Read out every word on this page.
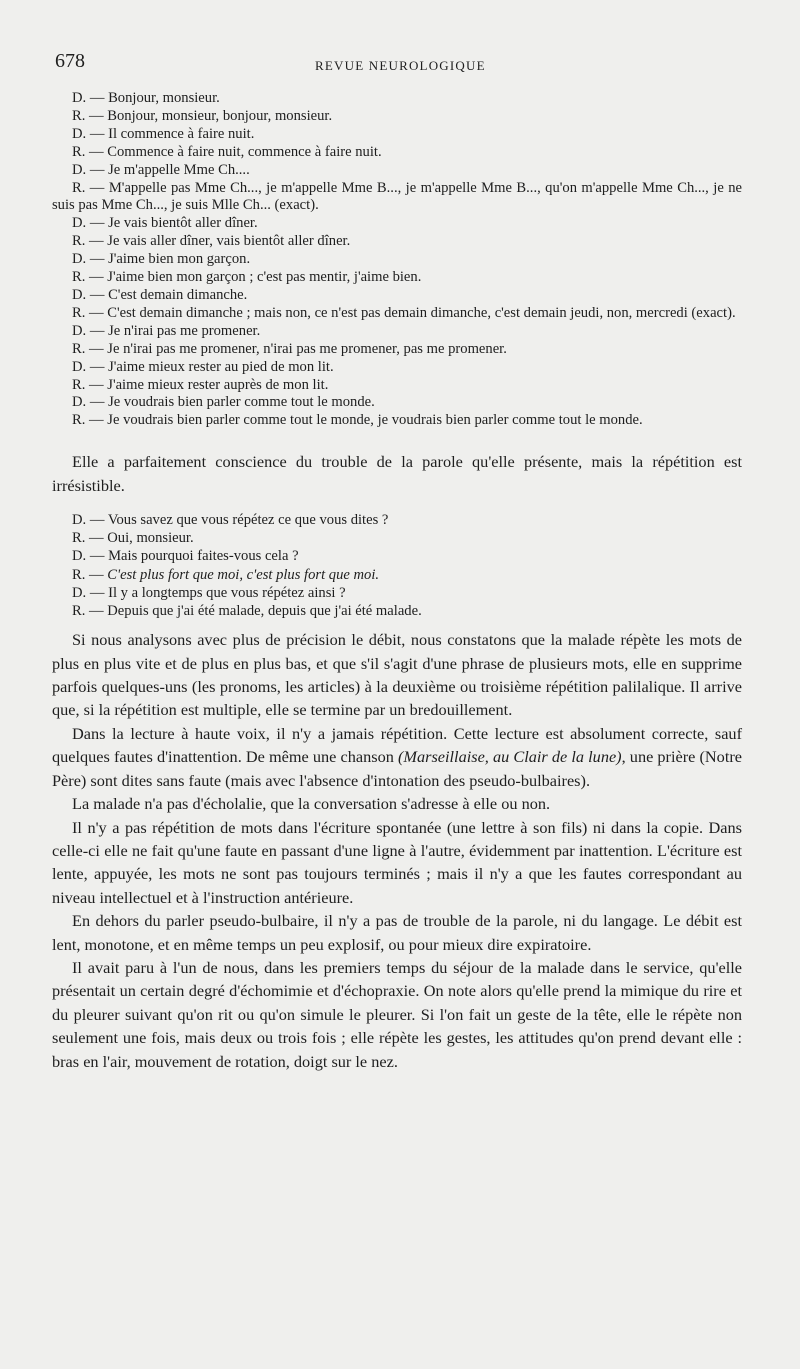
678	REVUE NEUROLOGIQUE
D. — Bonjour, monsieur.
R. — Bonjour, monsieur, bonjour, monsieur.
D. — Il commence à faire nuit.
R. — Commence à faire nuit, commence à faire nuit.
D. — Je m'appelle Mme Ch....
R. — M'appelle pas Mme Ch..., je m'appelle Mme B..., je m'appelle Mme B..., qu'on m'appelle Mme Ch..., je ne suis pas Mme Ch..., je suis Mlle Ch... (exact).
D. — Je vais bientôt aller dîner.
R. — Je vais aller dîner, vais bientôt aller dîner.
D. — J'aime bien mon garçon.
R. — J'aime bien mon garçon ; c'est pas mentir, j'aime bien.
D. — C'est demain dimanche.
R. — C'est demain dimanche ; mais non, ce n'est pas demain dimanche, c'est demain jeudi, non, mercredi (exact).
D. — Je n'irai pas me promener.
R. — Je n'irai pas me promener, n'irai pas me promener, pas me promener.
D. — J'aime mieux rester au pied de mon lit.
R. — J'aime mieux rester auprès de mon lit.
D. — Je voudrais bien parler comme tout le monde.
R. — Je voudrais bien parler comme tout le monde, je voudrais bien parler comme tout le monde.

Elle a parfaitement conscience du trouble de la parole qu'elle présente, mais la répétition est irrésistible.

D. — Vous savez que vous répétez ce que vous dites ?
R. — Oui, monsieur.
D. — Mais pourquoi faites-vous cela ?
R. — C'est plus fort que moi, c'est plus fort que moi.
D. — Il y a longtemps que vous répétez ainsi ?
R. — Depuis que j'ai été malade, depuis que j'ai été malade.

Si nous analysons avec plus de précision le débit, nous constatons que la malade répète les mots de plus en plus vite et de plus en plus bas, et que s'il s'agit d'une phrase de plusieurs mots, elle en supprime parfois quelques-uns (les pronoms, les articles) à la deuxième ou troisième répétition palilalique. Il arrive que, si la répétition est multiple, elle se termine par un bredouillement.

Dans la lecture à haute voix, il n'y a jamais répétition. Cette lecture est absolument correcte, sauf quelques fautes d'inattention. De même une chanson (Marseillaise, au Clair de la lune), une prière (Notre Père) sont dites sans faute (mais avec l'absence d'intonation des pseudo-bulbaires).

La malade n'a pas d'écholalie, que la conversation s'adresse à elle ou non.

Il n'y a pas répétition de mots dans l'écriture spontanée (une lettre à son fils) ni dans la copie. Dans celle-ci elle ne fait qu'une faute en passant d'une ligne à l'autre, évidemment par inattention. L'écriture est lente, appuyée, les mots ne sont pas toujours terminés ; mais il n'y a que les fautes correspondant au niveau intellectuel et à l'instruction antérieure.

En dehors du parler pseudo-bulbaire, il n'y a pas de trouble de la parole, ni du langage. Le débit est lent, monotone, et en même temps un peu explosif, ou pour mieux dire expiratoire.

Il avait paru à l'un de nous, dans les premiers temps du séjour de la malade dans le service, qu'elle présentait un certain degré d'échomimie et d'échopraxie. On note alors qu'elle prend la mimique du rire et du pleurer suivant qu'on rit ou qu'on simule le pleurer. Si l'on fait un geste de la tête, elle le répète non seulement une fois, mais deux ou trois fois ; elle répète les gestes, les attitudes qu'on prend devant elle : bras en l'air, mouvement de rotation, doigt sur le nez.
